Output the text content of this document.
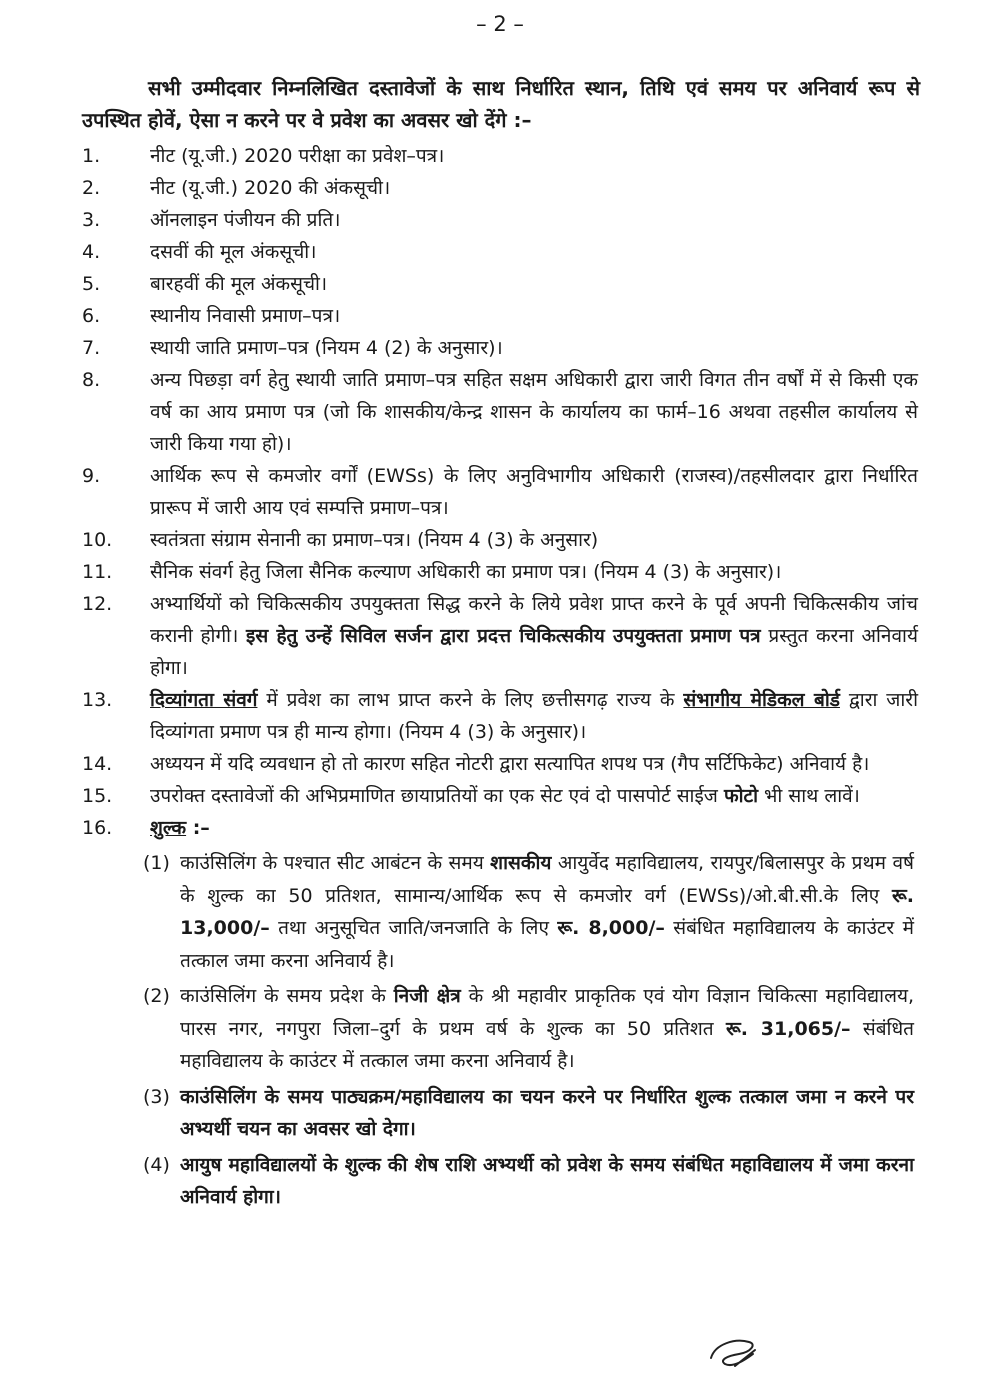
– 2 –
सभी उम्मीदवार निम्नलिखित दस्तावेजों के साथ निर्धारित स्थान, तिथि एवं समय पर अनिवार्य रूप से उपस्थित होवें, ऐसा न करने पर वे प्रवेश का अवसर खो देंगे :–
1.	नीट (यू.जी.) 2020 परीक्षा का प्रवेश–पत्र।
2.	नीट (यू.जी.) 2020 की अंकसूची।
3.	ऑनलाइन पंजीयन की प्रति।
4.	दसवीं की मूल अंकसूची।
5.	बारहवीं की मूल अंकसूची।
6.	स्थानीय निवासी प्रमाण–पत्र।
7.	स्थायी जाति प्रमाण–पत्र (नियम 4 (2) के अनुसार)।
8.	अन्य पिछड़ा वर्ग हेतु स्थायी जाति प्रमाण–पत्र सहित सक्षम अधिकारी द्वारा जारी विगत तीन वर्षों में से किसी एक वर्ष का आय प्रमाण पत्र (जो कि शासकीय/केन्द्र शासन के कार्यालय का फार्म–16 अथवा तहसील कार्यालय से जारी किया गया हो)।
9.	आर्थिक रूप से कमजोर वर्गों (EWSs) के लिए अनुविभागीय अधिकारी (राजस्व)/तहसीलदार द्वारा निर्धारित प्रारूप में जारी आय एवं सम्पत्ति प्रमाण–पत्र।
10.	स्वतंत्रता संग्राम सेनानी का प्रमाण–पत्र। (नियम 4 (3) के अनुसार)
11.	सैनिक संवर्ग हेतु जिला सैनिक कल्याण अधिकारी का प्रमाण पत्र। (नियम 4 (3) के अनुसार)।
12.	अभ्यार्थियों को चिकित्सकीय उपयुक्तता सिद्ध करने के लिये प्रवेश प्राप्त करने के पूर्व अपनी चिकित्सकीय जांच करानी होगी। इस हेतु उन्हें सिविल सर्जन द्वारा प्रदत्त चिकित्सकीय उपयुक्तता प्रमाण पत्र प्रस्तुत करना अनिवार्य होगा।
13.	दिव्यांगता संवर्ग में प्रवेश का लाभ प्राप्त करने के लिए छत्तीसगढ़ राज्य के संभागीय मेडिकल बोर्ड द्वारा जारी दिव्यांगता प्रमाण पत्र ही मान्य होगा। (नियम 4 (3) के अनुसार)।
14.	अध्ययन में यदि व्यवधान हो तो कारण सहित नोटरी द्वारा सत्यापित शपथ पत्र (गैप सर्टिफिकेट) अनिवार्य है।
15.	उपरोक्त दस्तावेजों की अभिप्रमाणित छायाप्रतियों का एक सेट एवं दो पासपोर्ट साईज फोटो भी साथ लावें।
16.	शुल्क :–
(1) काउंसिलिंग के पश्चात सीट आबंटन के समय शासकीय आयुर्वेद महाविद्यालय, रायपुर/बिलासपुर के प्रथम वर्ष के शुल्क का 50 प्रतिशत, सामान्य/आर्थिक रूप से कमजोर वर्ग (EWSs)/ओ.बी.सी.के लिए रू. 13,000/– तथा अनुसूचित जाति/जनजाति के लिए रू. 8,000/– संबंधित महाविद्यालय के काउंटर में तत्काल जमा करना अनिवार्य है।
(2) काउंसिलिंग के समय प्रदेश के निजी क्षेत्र के श्री महावीर प्राकृतिक एवं योग विज्ञान चिकित्सा महाविद्यालय, पारस नगर, नगपुरा जिला–दुर्ग के प्रथम वर्ष के शुल्क का 50 प्रतिशत रू. 31,065/– संबंधित महाविद्यालय के काउंटर में तत्काल जमा करना अनिवार्य है।
(3) काउंसिलिंग के समय पाठ्यक्रम/महाविद्यालय का चयन करने पर निर्धारित शुल्क तत्काल जमा न करने पर अभ्यर्थी चयन का अवसर खो देगा।
(4) आयुष महाविद्यालयों के शुल्क की शेष राशि अभ्यर्थी को प्रवेश के समय संबंधित महाविद्यालय में जमा करना अनिवार्य होगा।
